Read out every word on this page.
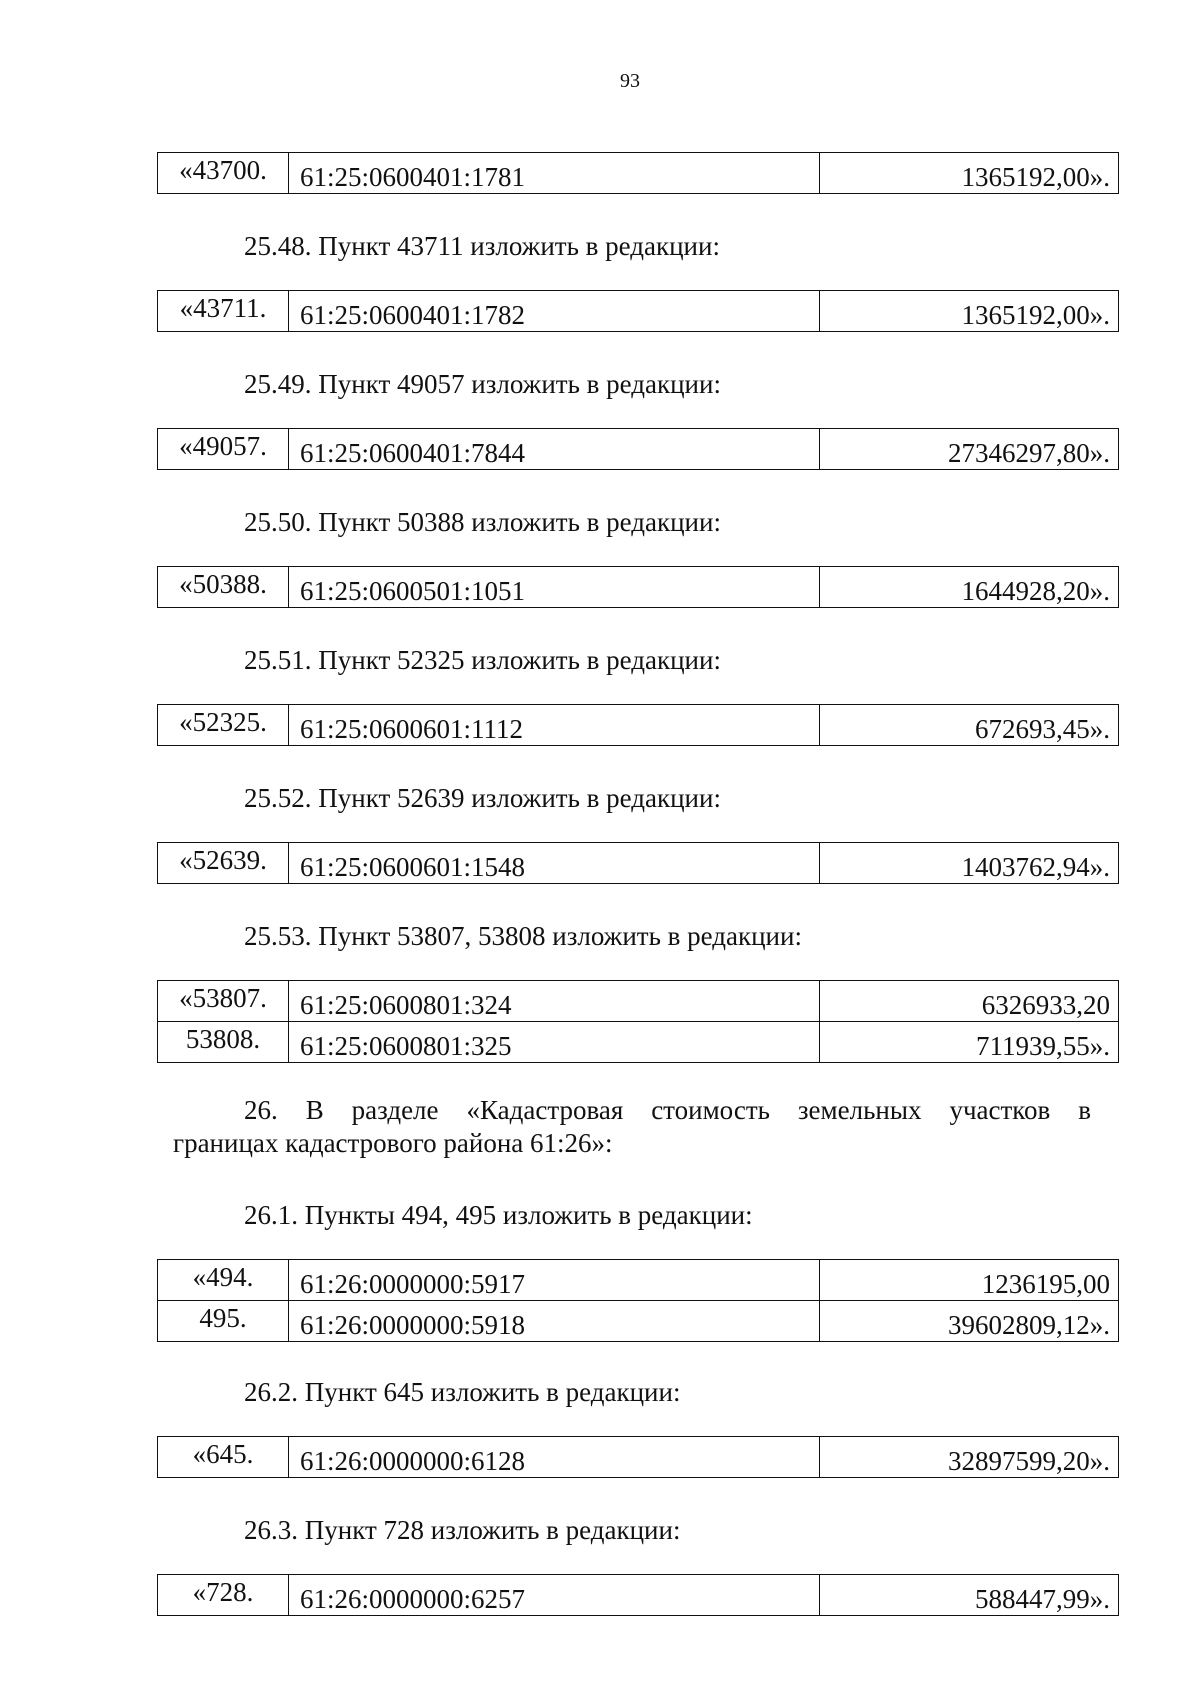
93
«43700.	61:25:0600401:1781	1365192,00».
25.48. Пункт 43711 изложить в редакции:
«43711.	61:25:0600401:1782	1365192,00».
25.49. Пункт 49057 изложить в редакции:
«49057.	61:25:0600401:7844	27346297,80».
25.50. Пункт 50388 изложить в редакции:
«50388.	61:25:0600501:1051	1644928,20».
25.51. Пункт 52325 изложить в редакции:
«52325.	61:25:0600601:1112	672693,45».
25.52. Пункт 52639 изложить в редакции:
«52639.	61:25:0600601:1548	1403762,94».
25.53. Пункт 53807, 53808 изложить в редакции:
«53807.	61:25:0600801:324	6326933,20
53808.	61:25:0600801:325	711939,55».
26. В разделе «Кадастровая стоимость земельных участков в
границах кадастрового района 61:26»:
26.1. Пункты 494, 495 изложить в редакции:
«494.	61:26:0000000:5917	1236195,00
495.	61:26:0000000:5918	39602809,12».
26.2. Пункт 645 изложить в редакции:
«645.	61:26:0000000:6128	32897599,20».
26.3. Пункт 728 изложить в редакции:
«728.	61:26:0000000:6257	588447,99».
